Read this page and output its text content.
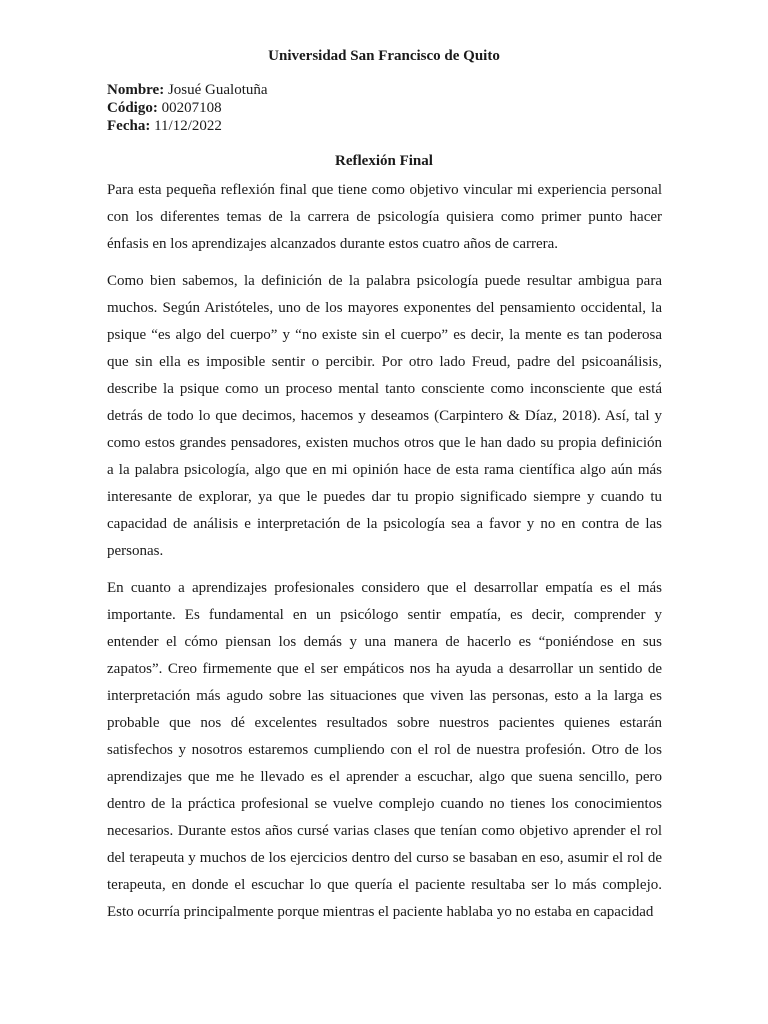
Universidad San Francisco de Quito
Nombre: Josué Gualotuña
Código: 00207108
Fecha: 11/12/2022
Reflexión Final
Para esta pequeña reflexión final que tiene como objetivo vincular mi experiencia personal
con los diferentes temas de la carrera de psicología quisiera como primer punto hacer
énfasis en los aprendizajes alcanzados durante estos cuatro años de carrera.
Como bien sabemos, la definición de la palabra psicología puede resultar ambigua para
muchos. Según Aristóteles, uno de los mayores exponentes del pensamiento occidental, la
psique “es algo del cuerpo” y “no existe sin el cuerpo” es decir, la mente es tan poderosa
que sin ella es imposible sentir o percibir. Por otro lado Freud, padre del psicoanálisis,
describe la psique como un proceso mental tanto consciente como inconsciente que está
detrás de todo lo que decimos, hacemos y deseamos (Carpintero & Díaz, 2018). Así, tal y
como estos grandes pensadores, existen muchos otros que le han dado su propia definición
a la palabra psicología, algo que en mi opinión hace de esta rama científica algo aún más
interesante de explorar, ya que le puedes dar tu propio significado siempre y cuando tu
capacidad de análisis e interpretación de la psicología sea a favor y no en contra de las
personas.
En cuanto a aprendizajes profesionales considero que el desarrollar empatía es el más
importante. Es fundamental en un psicólogo sentir empatía, es decir, comprender y
entender el cómo piensan los demás y una manera de hacerlo es “poniéndose en sus
zapatos”. Creo firmemente que el ser empáticos nos ha ayuda a desarrollar un sentido de
interpretación más agudo sobre las situaciones que viven las personas, esto a la larga es
probable que nos dé excelentes resultados sobre nuestros pacientes quienes estarán
satisfechos y nosotros estaremos cumpliendo con el rol de nuestra profesión. Otro de los
aprendizajes que me he llevado es el aprender a escuchar, algo que suena sencillo, pero
dentro de la práctica profesional se vuelve complejo cuando no tienes los conocimientos
necesarios. Durante estos años cursé varias clases que tenían como objetivo aprender el rol
del terapeuta y muchos de los ejercicios dentro del curso se basaban en eso, asumir el rol de
terapeuta, en donde el escuchar lo que quería el paciente resultaba ser lo más complejo.
Esto ocurría principalmente porque mientras el paciente hablaba yo no estaba en capacidad
